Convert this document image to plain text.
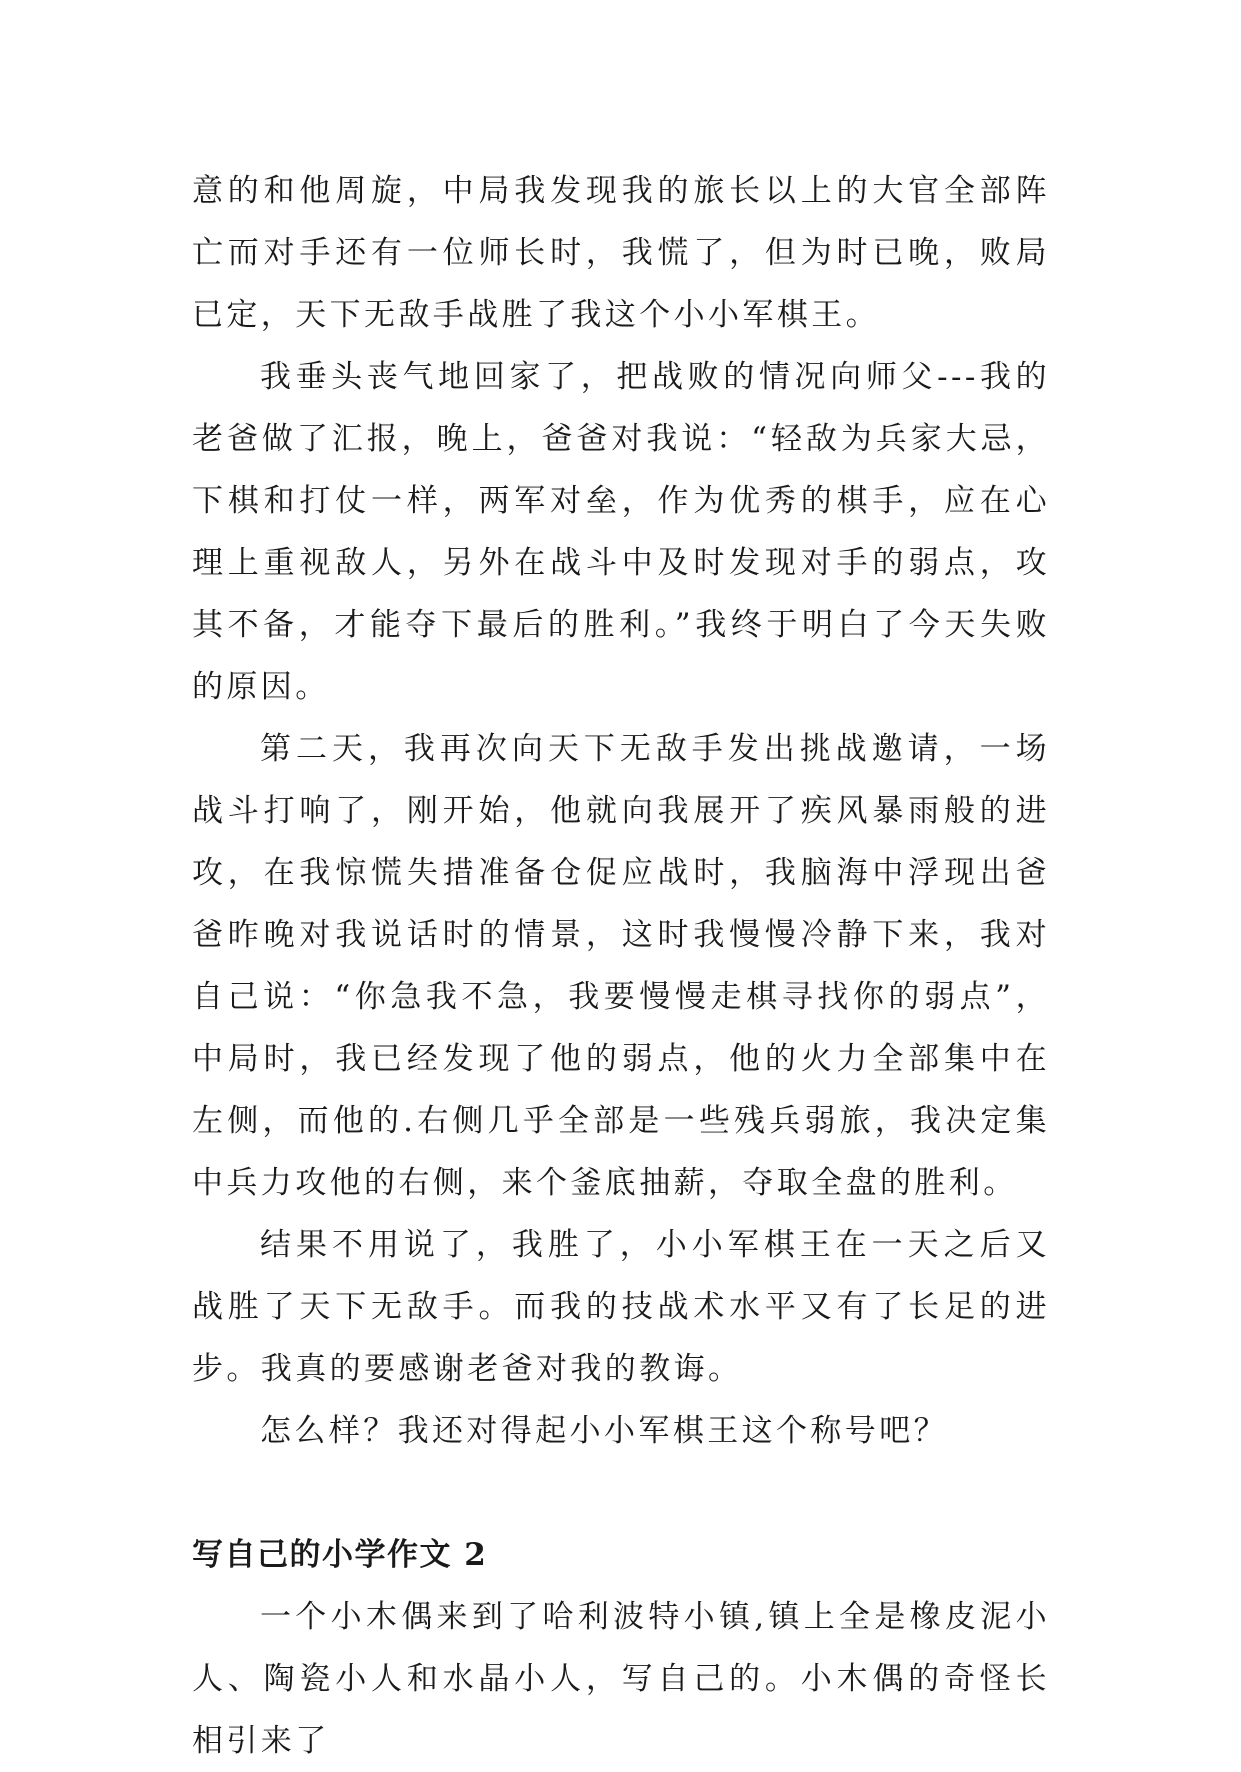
意的和他周旋，中局我发现我的旅长以上的大官全部阵亡而对手还有一位师长时，我慌了，但为时已晚，败局已定，天下无敌手战胜了我这个小小军棋王。

我垂头丧气地回家了，把战败的情况向师父---我的老爸做了汇报，晚上，爸爸对我说：“轻敌为兵家大忌，下棋和打仗一样，两军对垒，作为优秀的棋手，应在心理上重视敌人，另外在战斗中及时发现对手的弱点，攻其不备，才能夺下最后的胜利。”我终于明白了今天失败的原因。

第二天，我再次向天下无敌手发出挑战邀请，一场战斗打响了，刚开始，他就向我展开了疾风暴雨般的进攻，在我惊慌失措准备仓促应战时，我脑海中浮现出爸爸昨晚对我说话时的情景，这时我慢慢冷静下来，我对自己说：“你急我不急，我要慢慢走棋寻找你的弱点”，中局时，我已经发现了他的弱点，他的火力全部集中在左侧，而他的.右侧几乎全部是一些残兵弱旅，我决定集中兵力攻他的右侧，来个釜底抽薪，夺取全盘的胜利。

结果不用说了，我胜了，小小军棋王在一天之后又战胜了天下无敌手。而我的技战术水平又有了长足的进步。我真的要感谢老爸对我的教诲。

怎么样？我还对得起小小军棋王这个称号吧？

写自己的小学作文 2

一个小木偶来到了哈利波特小镇,镇上全是橡皮泥小人、陶瓷小人和水晶小人，写自己的。小木偶的奇怪长相引来了
